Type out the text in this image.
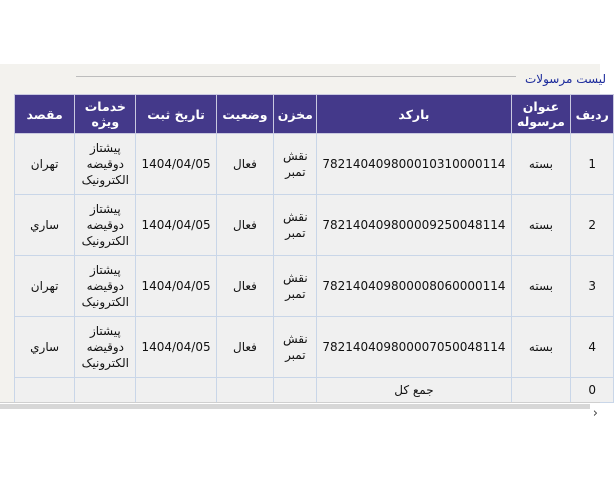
لیست مرسولات
ردیف	عنوان مرسوله	بارکد	مخزن	وضعیت	تاریخ ثبت	خدمات ویژه	مقصد
1	بسته	782140409800010310000114	نقش تمبر	فعال	1404/04/05	پیشتاز دوقیضه الکترونیک	تهران
2	بسته	782140409800009250048114	نقش تمبر	فعال	1404/04/05	پیشتاز دوقیضه الکترونیک	ساري
3	بسته	782140409800008060000114	نقش تمبر	فعال	1404/04/05	پیشتاز دوقیضه الکترونیک	تهران
4	بسته	782140409800007050048114	نقش تمبر	فعال	1404/04/05	پیشتاز دوقیضه الکترونیک	ساري
0		جمع کل					
›
